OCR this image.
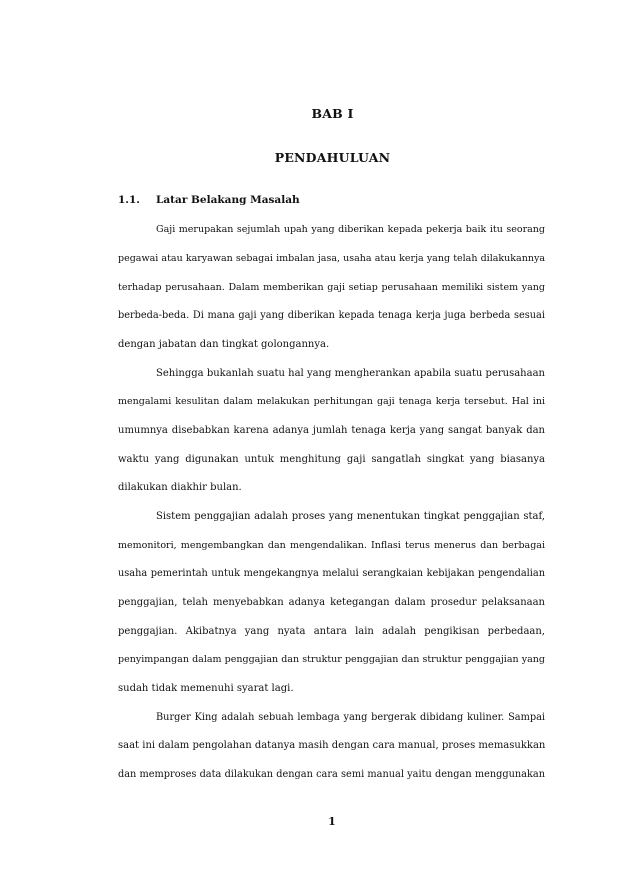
BAB I
PENDAHULUAN
1.1. Latar Belakang Masalah
Gaji merupakan sejumlah upah yang diberikan kepada pekerja baik itu seorang
pegawai atau karyawan sebagai imbalan jasa, usaha atau kerja yang telah dilakukannya
terhadap perusahaan. Dalam memberikan gaji setiap perusahaan memiliki sistem yang
berbeda-beda. Di mana gaji yang diberikan kepada tenaga kerja juga berbeda sesuai
dengan jabatan dan tingkat golongannya.
Sehingga bukanlah suatu hal yang mengherankan apabila suatu perusahaan
mengalami kesulitan dalam melakukan perhitungan gaji tenaga kerja tersebut. Hal ini
umumnya disebabkan karena adanya jumlah tenaga kerja yang sangat banyak dan
waktu yang digunakan untuk menghitung gaji sangatlah singkat yang biasanya
dilakukan diakhir bulan.
Sistem penggajian adalah proses yang menentukan tingkat penggajian staf,
memonitori, mengembangkan dan mengendalikan. Inflasi terus menerus dan berbagai
usaha pemerintah untuk mengekangnya melalui serangkaian kebijakan pengendalian
penggajian, telah menyebabkan adanya ketegangan dalam prosedur pelaksanaan
penggajian. Akibatnya yang nyata antara lain adalah pengikisan perbedaan,
penyimpangan dalam penggajian dan struktur penggajian dan struktur penggajian yang
sudah tidak memenuhi syarat lagi.
Burger King adalah sebuah lembaga yang bergerak dibidang kuliner. Sampai
saat ini dalam pengolahan datanya masih dengan cara manual, proses memasukkan
dan memproses data dilakukan dengan cara semi manual yaitu dengan menggunakan
1
